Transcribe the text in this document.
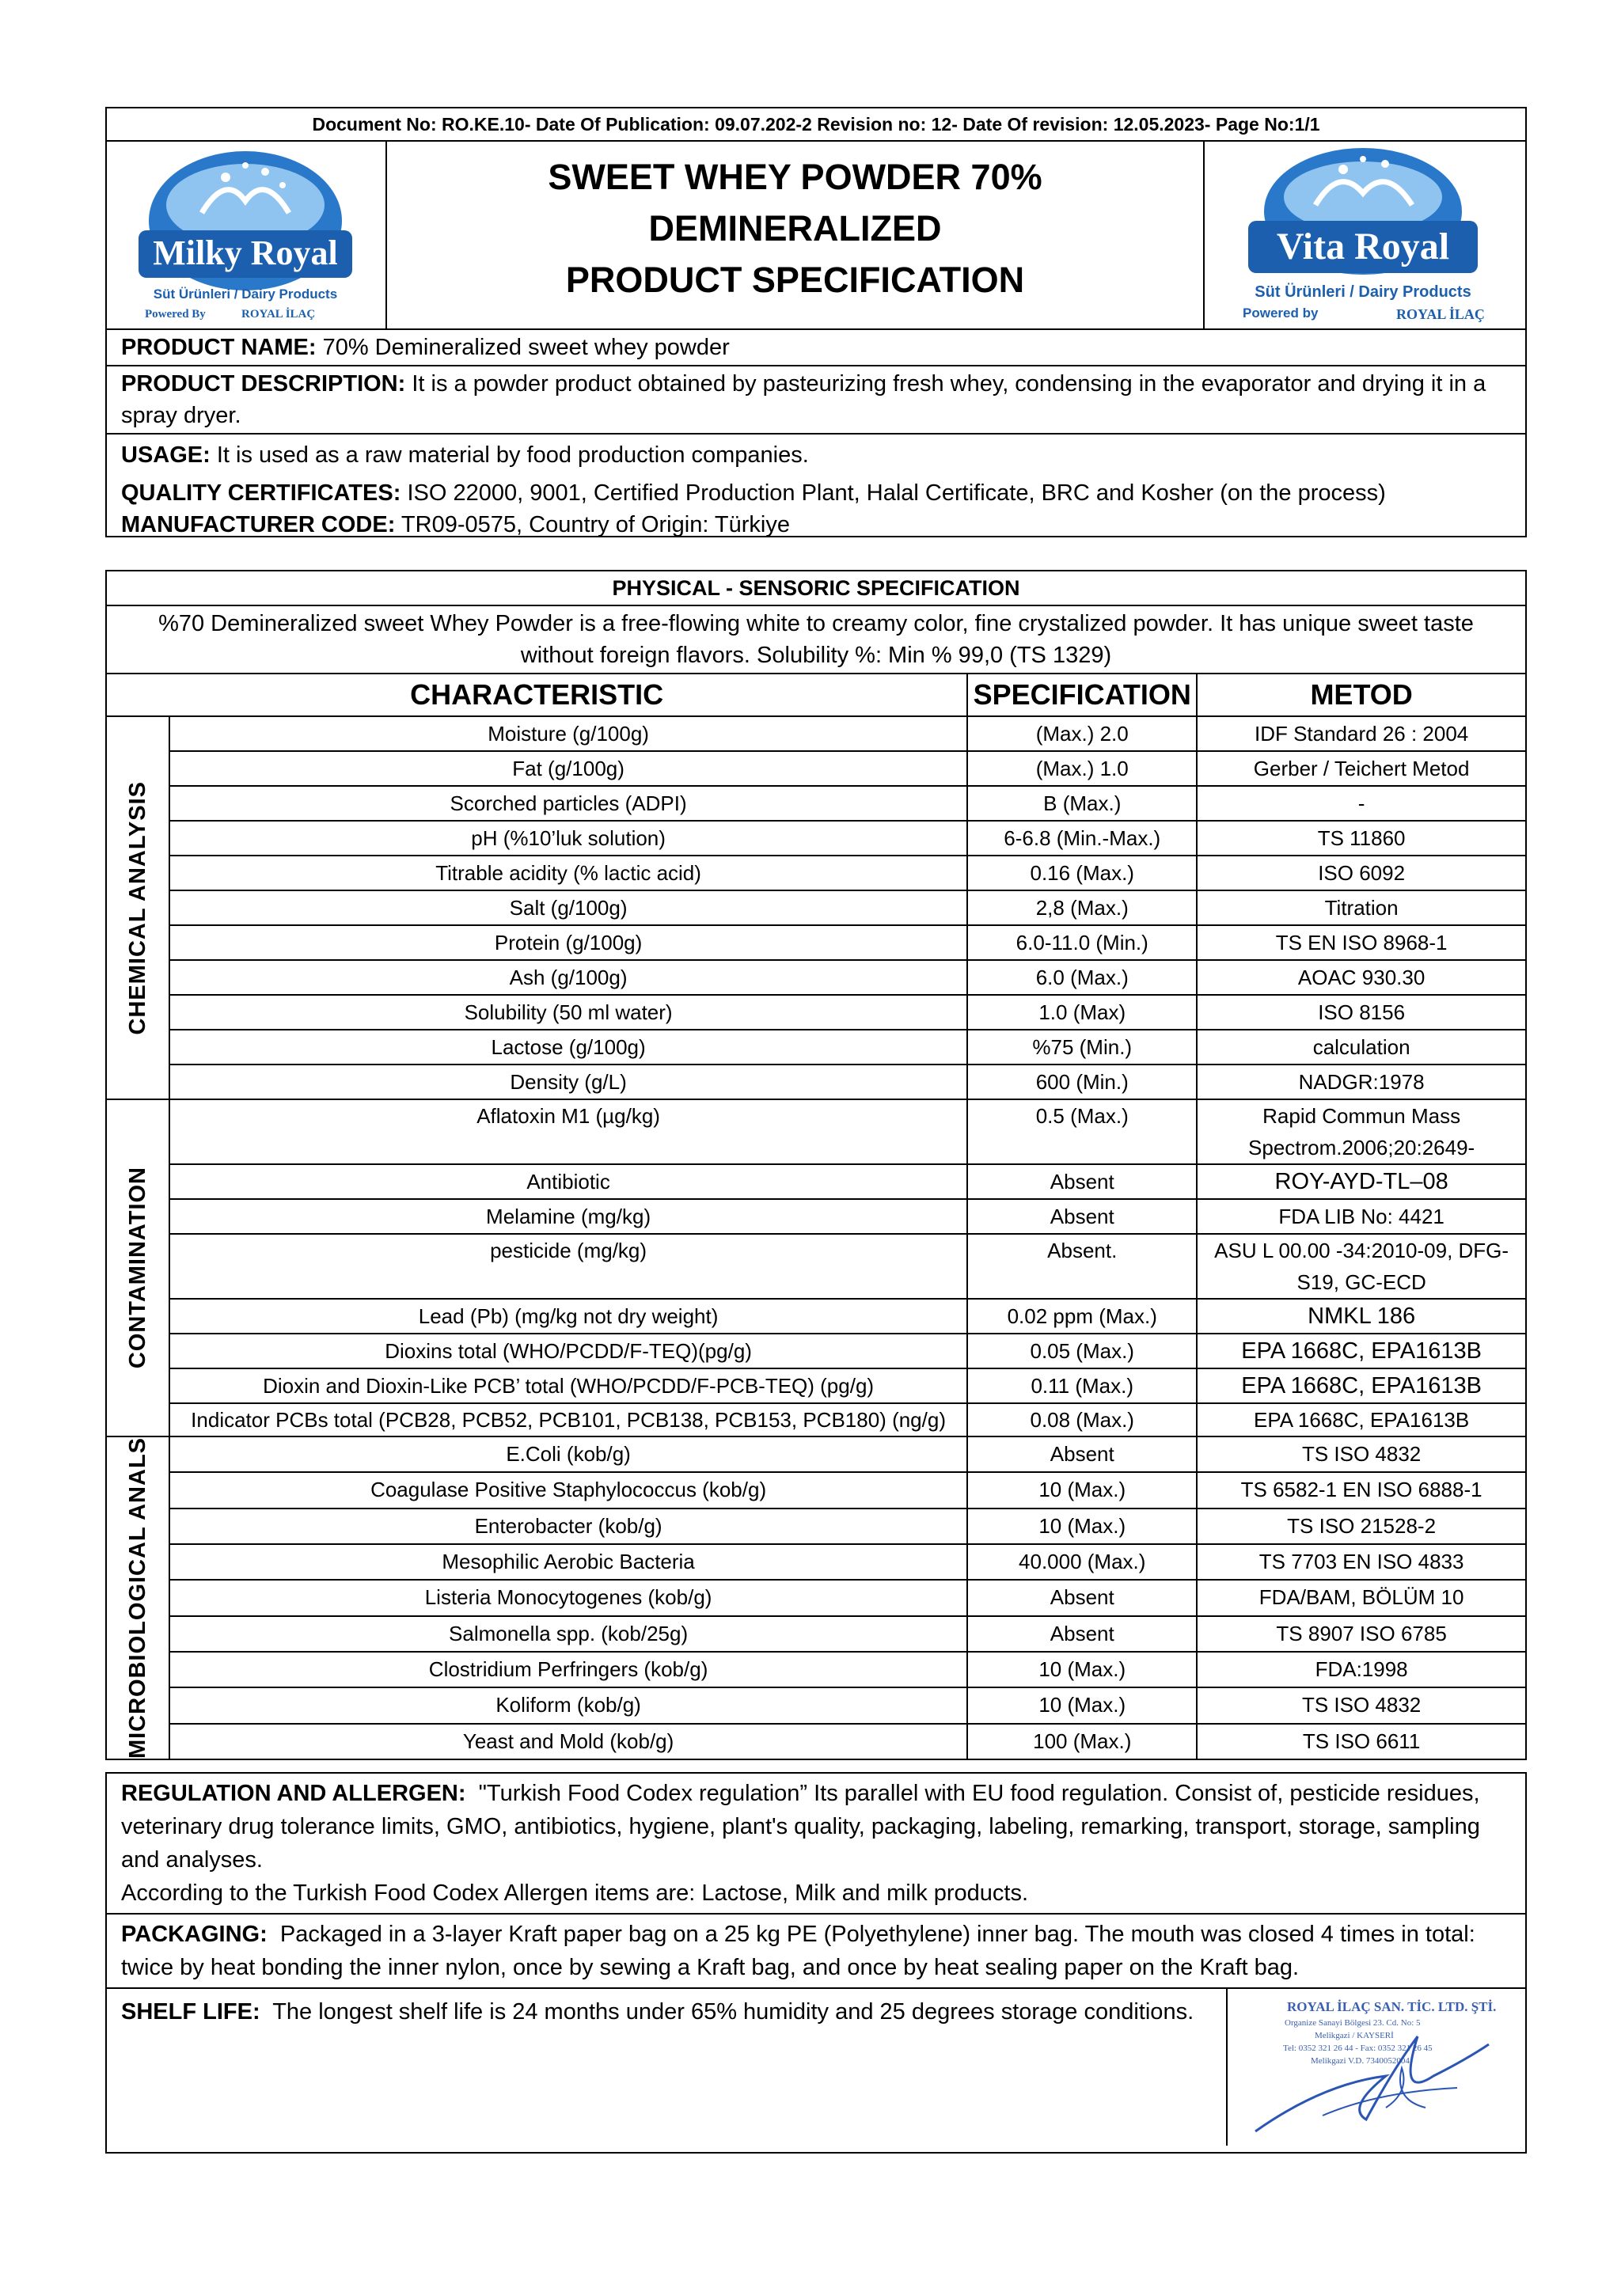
Document No: RO.KE.10- Date Of Publication: 09.07.202-2 Revision no: 12- Date Of revision: 12.05.2023- Page No:1/1
Milky Royal
Süt Ürünleri / Dairy Products
Powered By	ROYAL İLAÇ
SWEET WHEY POWDER 70%
DEMINERALIZED
PRODUCT SPECIFICATION
Vita Royal
Süt Ürünleri / Dairy Products
Powered by	ROYAL İLAÇ
PRODUCT NAME: 70% Demineralized sweet whey powder
PRODUCT DESCRIPTION: It is a powder product obtained by pasteurizing fresh whey, condensing in the evaporator and drying it in a spray dryer.
USAGE: It is used as a raw material by food production companies.
QUALITY CERTIFICATES: ISO 22000, 9001, Certified Production Plant, Halal Certificate, BRC and Kosher (on the process)
MANUFACTURER CODE: TR09-0575, Country of Origin: Türkiye
PHYSICAL - SENSORIC SPECIFICATION			
%70 Demineralized sweet Whey Powder is a free-flowing white to creamy color, fine crystalized powder. It has unique sweet taste without foreign flavors. Solubility %: Min % 99,0 (TS 1329)			
CHARACTERISTIC		SPECIFICATION	METOD

CHEMICAL ANALYSIS	Moisture (g/100g)	(Max.) 2.0	IDF Standard 26 : 2004
	Fat (g/100g)	(Max.) 1.0	Gerber / Teichert Metod
	Scorched particles (ADPI)	B (Max.)	-
	pH (%10’luk solution)	6-6.8 (Min.-Max.)	TS 11860
	Titrable acidity (% lactic acid)	0.16 (Max.)	ISO 6092
	Salt (g/100g)	2,8 (Max.)	Titration
	Protein (g/100g)	6.0-11.0 (Min.)	TS EN ISO 8968-1
	Ash (g/100g)	6.0 (Max.)	AOAC 930.30
	Solubility (50 ml water)	1.0 (Max)	ISO 8156
	Lactose (g/100g)	%75 (Min.)	calculation
	Density (g/L)	600 (Min.)	NADGR:1978

CONTAMINATION	Aflatoxin M1 (µg/kg)	0.5 (Max.)	Rapid Commun Mass Spectrom.2006;20:2649-
	Antibiotic	Absent	ROY-AYD-TL–08
	Melamine (mg/kg)	Absent	FDA LIB No: 4421
	pesticide (mg/kg)	Absent.	ASU L 00.00 -34:2010-09, DFG-S19, GC-ECD
	Lead (Pb) (mg/kg not dry weight)	0.02 ppm (Max.)	NMKL 186
	Dioxins total (WHO/PCDD/F-TEQ)(pg/g)	0.05 (Max.)	EPA 1668C, EPA1613B
	Dioxin and Dioxin-Like PCB’ total (WHO/PCDD/F-PCB-TEQ) (pg/g)	0.11 (Max.)	EPA 1668C, EPA1613B
	Indicator PCBs total (PCB28, PCB52, PCB101, PCB138, PCB153, PCB180) (ng/g)	0.08 (Max.)	EPA 1668C, EPA1613B

MICROBIOLOGICAL ANALS	E.Coli (kob/g)	Absent	TS ISO 4832
	Coagulase Positive Staphylococcus (kob/g)	10 (Max.)	TS 6582-1 EN ISO 6888-1
	Enterobacter (kob/g)	10 (Max.)	TS ISO 21528-2
	Mesophilic Aerobic Bacteria	40.000 (Max.)	TS 7703 EN ISO 4833
	Listeria Monocytogenes (kob/g)	Absent	FDA/BAM, BÖLÜM 10
	Salmonella spp. (kob/25g)	Absent	TS 8907 ISO 6785
	Clostridium Perfringers (kob/g)	10 (Max.)	FDA:1998
	Koliform (kob/g)	10 (Max.)	TS ISO 4832
	Yeast and Mold (kob/g)	100 (Max.)	TS ISO 6611
REGULATION AND ALLERGEN: "Turkish Food Codex regulation” Its parallel with EU food regulation. Consist of, pesticide residues, veterinary drug tolerance limits, GMO, antibiotics, hygiene, plant's quality, packaging, labeling, remarking, transport, storage, sampling and analyses.
According to the Turkish Food Codex Allergen items are: Lactose, Milk and milk products.
PACKAGING: Packaged in a 3-layer Kraft paper bag on a 25 kg PE (Polyethylene) inner bag. The mouth was closed 4 times in total: twice by heat bonding the inner nylon, once by sewing a Kraft bag, and once by heat sealing paper on the Kraft bag.
SHELF LIFE: The longest shelf life is 24 months under 65% humidity and 25 degrees storage conditions.	ROYAL İLAÇ SAN. TİC. LTD. ŞTİ.
Organize Sanayi Bölgesi 23. Cd. No: 5
Melikgazi / KAYSERİ
Tel: 0352 321 26 44 - Fax: 0352 321 26 45
Melikgazi V.D. 7340052004
